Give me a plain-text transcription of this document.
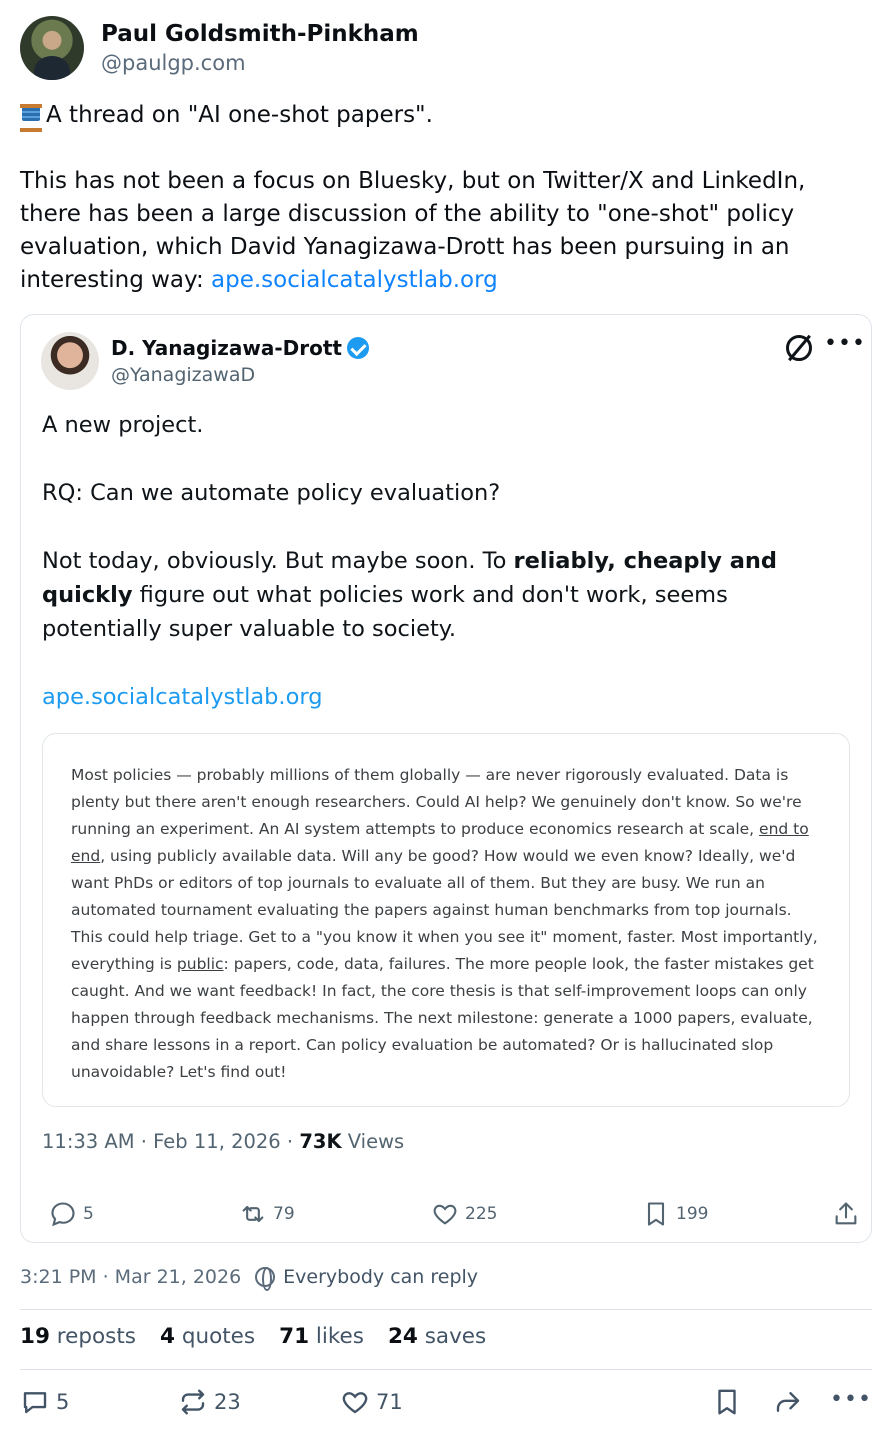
Paul Goldsmith-Pinkham
@paulgp.com

A thread on "AI one-shot papers".

This has not been a focus on Bluesky, but on Twitter/X and LinkedIn, there has been a large discussion of the ability to "one-shot" policy evaluation, which David Yanagizawa-Drott has been pursuing in an interesting way: ape.socialcatalystlab.org

D. Yanagizawa-Drott
@YanagizawaD
•••

A new project.

RQ: Can we automate policy evaluation?

Not today, obviously. But maybe soon. To reliably, cheaply and quickly figure out what policies work and don't work, seems potentially super valuable to society.

ape.socialcatalystlab.org

Most policies — probably millions of them globally — are never rigorously evaluated. Data is plenty but there aren't enough researchers. Could AI help? We genuinely don't know. So we're running an experiment. An AI system attempts to produce economics research at scale, end to end, using publicly available data. Will any be good? How would we even know? Ideally, we'd want PhDs or editors of top journals to evaluate all of them. But they are busy. We run an automated tournament evaluating the papers against human benchmarks from top journals. This could help triage. Get to a "you know it when you see it" moment, faster. Most importantly, everything is public: papers, code, data, failures. The more people look, the faster mistakes get caught. And we want feedback! In fact, the core thesis is that self-improvement loops can only happen through feedback mechanisms. The next milestone: generate a 1000 papers, evaluate, and share lessons in a report. Can policy evaluation be automated? Or is hallucinated slop unavoidable? Let's find out!
11:33 AM · Feb 11, 2026 · 73K Views
5	79	225	199
3:21 PM · Mar 21, 2026 Everybody can reply
19 reposts 4 quotes 71 likes 24 saves
5	23	71	•••
